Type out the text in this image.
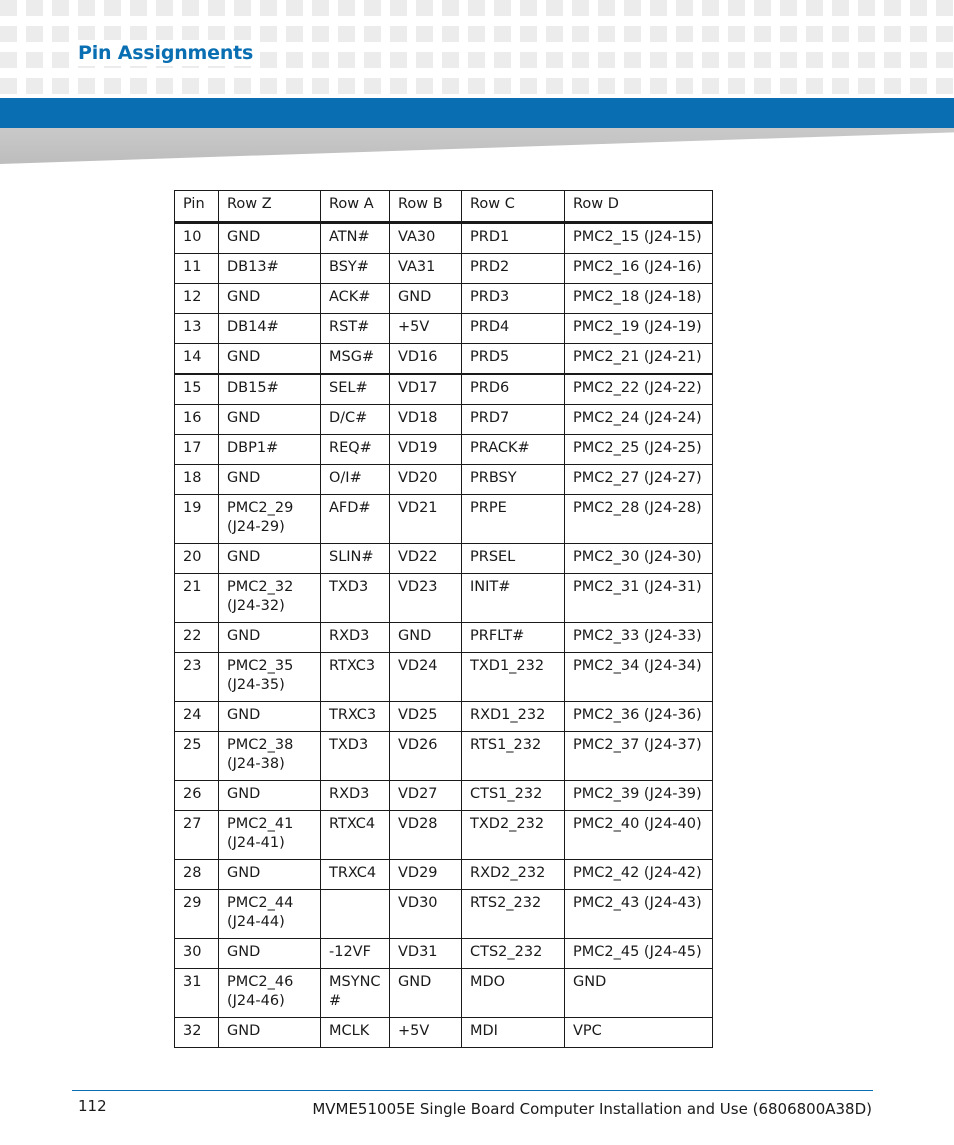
Pin Assignments
Pin	Row Z	Row A	Row B	Row C	Row D
10	GND	ATN#	VA30	PRD1	PMC2_15 (J24-15)
11	DB13#	BSY#	VA31	PRD2	PMC2_16 (J24-16)
12	GND	ACK#	GND	PRD3	PMC2_18 (J24-18)
13	DB14#	RST#	+5V	PRD4	PMC2_19 (J24-19)
14	GND	MSG#	VD16	PRD5	PMC2_21 (J24-21)
15	DB15#	SEL#	VD17	PRD6	PMC2_22 (J24-22)
16	GND	D/C#	VD18	PRD7	PMC2_24 (J24-24)
17	DBP1#	REQ#	VD19	PRACK#	PMC2_25 (J24-25)
18	GND	O/I#	VD20	PRBSY	PMC2_27 (J24-27)
19	PMC2_29 (J24-29)	AFD#	VD21	PRPE	PMC2_28 (J24-28)
20	GND	SLIN#	VD22	PRSEL	PMC2_30 (J24-30)
21	PMC2_32 (J24-32)	TXD3	VD23	INIT#	PMC2_31 (J24-31)
22	GND	RXD3	GND	PRFLT#	PMC2_33 (J24-33)
23	PMC2_35 (J24-35)	RTXC3	VD24	TXD1_232	PMC2_34 (J24-34)
24	GND	TRXC3	VD25	RXD1_232	PMC2_36 (J24-36)
25	PMC2_38 (J24-38)	TXD3	VD26	RTS1_232	PMC2_37 (J24-37)
26	GND	RXD3	VD27	CTS1_232	PMC2_39 (J24-39)
27	PMC2_41 (J24-41)	RTXC4	VD28	TXD2_232	PMC2_40 (J24-40)
28	GND	TRXC4	VD29	RXD2_232	PMC2_42 (J24-42)
29	PMC2_44 (J24-44)		VD30	RTS2_232	PMC2_43 (J24-43)
30	GND	-12VF	VD31	CTS2_232	PMC2_45 (J24-45)
31	PMC2_46 (J24-46)	MSYNC #	GND	MDO	GND
32	GND	MCLK	+5V	MDI	VPC
112	MVME51005E Single Board Computer Installation and Use (6806800A38D)
